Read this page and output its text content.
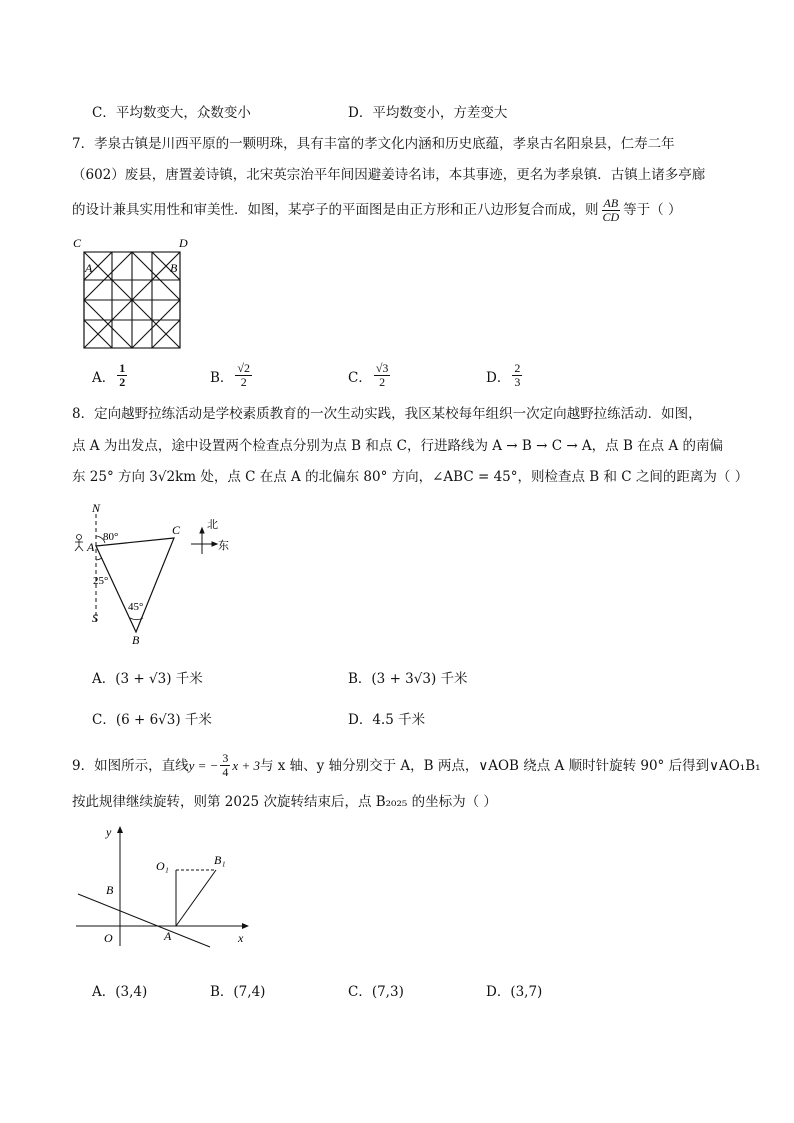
C．平均数变大，众数变小	D．平均数变小，方差变大
7．孝泉古镇是川西平原的一颗明珠，具有丰富的孝文化内涵和历史底蕴，孝泉古名阳泉县，仁寿二年
（602）废县，唐置姜诗镇，北宋英宗治平年间因避姜诗名讳，本其事迹，更名为孝泉镇．古镇上诸多亭廊
的设计兼具实用性和审美性．如图，某亭子的平面图是由正方形和正八边形复合而成，则 $\frac{AB}{CD}$ 等于（ ）
C	D
A	B
A． $\frac{1}{2}$	B． $\frac{√2}{2}$	C． $\frac{√3}{2}$	D． $\frac{2}{3}$
8．定向越野拉练活动是学校素质教育的一次生动实践，我区某校每年组织一次定向越野拉练活动．如图，
点 A 为出发点，途中设置两个检查点分别为点 B 和点 C，行进路线为 A → B → C → A，点 B 在点 A 的南偏
东 25° 方向 3√2km 处，点 C 在点 A 的北偏东 80° 方向，∠ABC = 45°，则检查点 B 和 C 之间的距离为（ ）
北
东
N
S
A
C
B
80°
25°
45°
A．(3 + √3) 千米	B．(3 + 3√3) 千米
C．(6 + 6√3) 千米	D．4.5 千米
9．如图所示，直线 y = − $\frac{3}{4}$ x + 3 与 x 轴、y 轴分别交于 A，B 两点，∨AOB 绕点 A 顺时针旋转 90° 后得到∨AO₁B₁
按此规律继续旋转，则第 2025 次旋转结束后，点 B₂₀₂₅ 的坐标为（ ）
y
x
O	A
B
O₁	B₁
A．(3,4)	B．(7,4)	C．(7,3)	D．(3,7)
